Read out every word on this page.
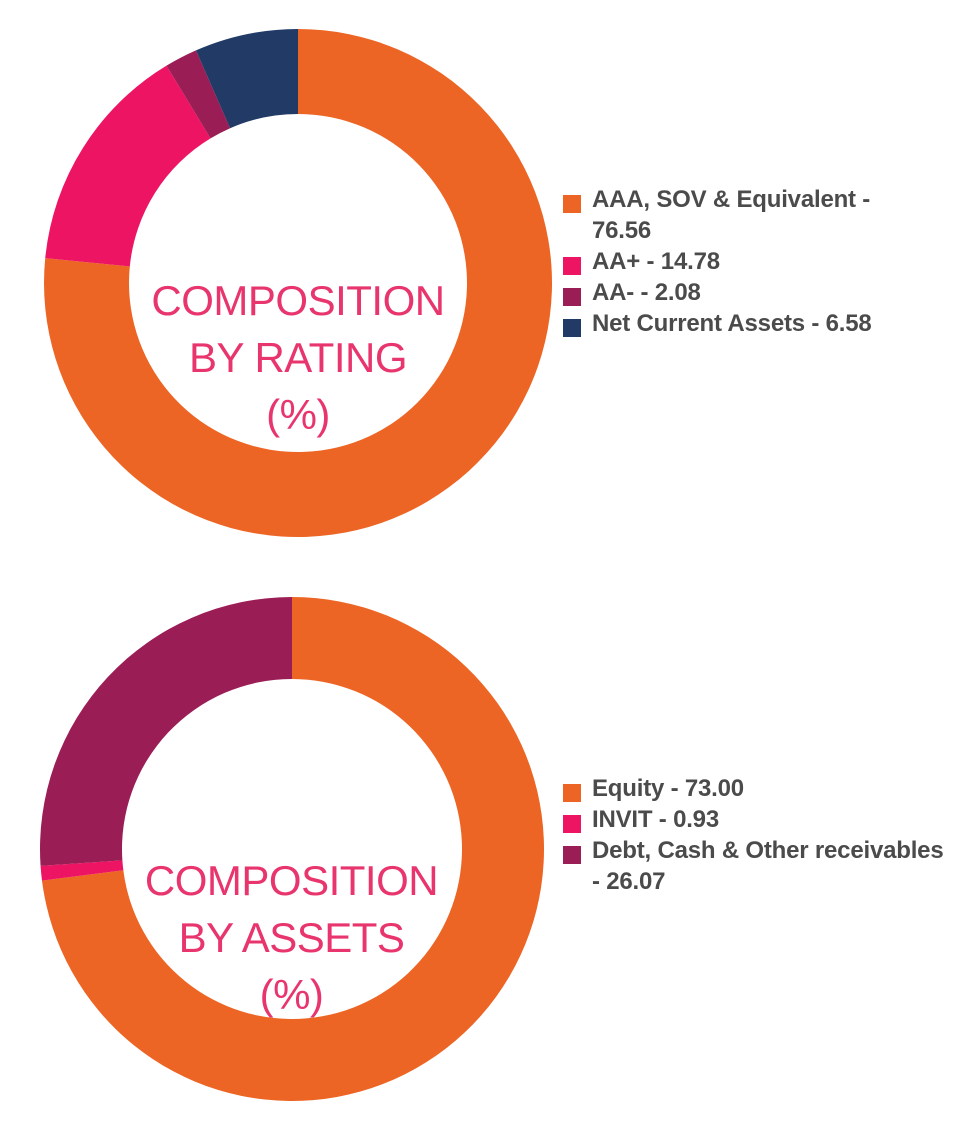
COMPOSITION
BY RATING
(%)
AAA, SOV & Equivalent -
76.56
AA+ - 14.78
AA- - 2.08
Net Current Assets - 6.58
COMPOSITION
BY ASSETS
(%)
Equity - 73.00
INVIT - 0.93
Debt, Cash & Other receivables
- 26.07
